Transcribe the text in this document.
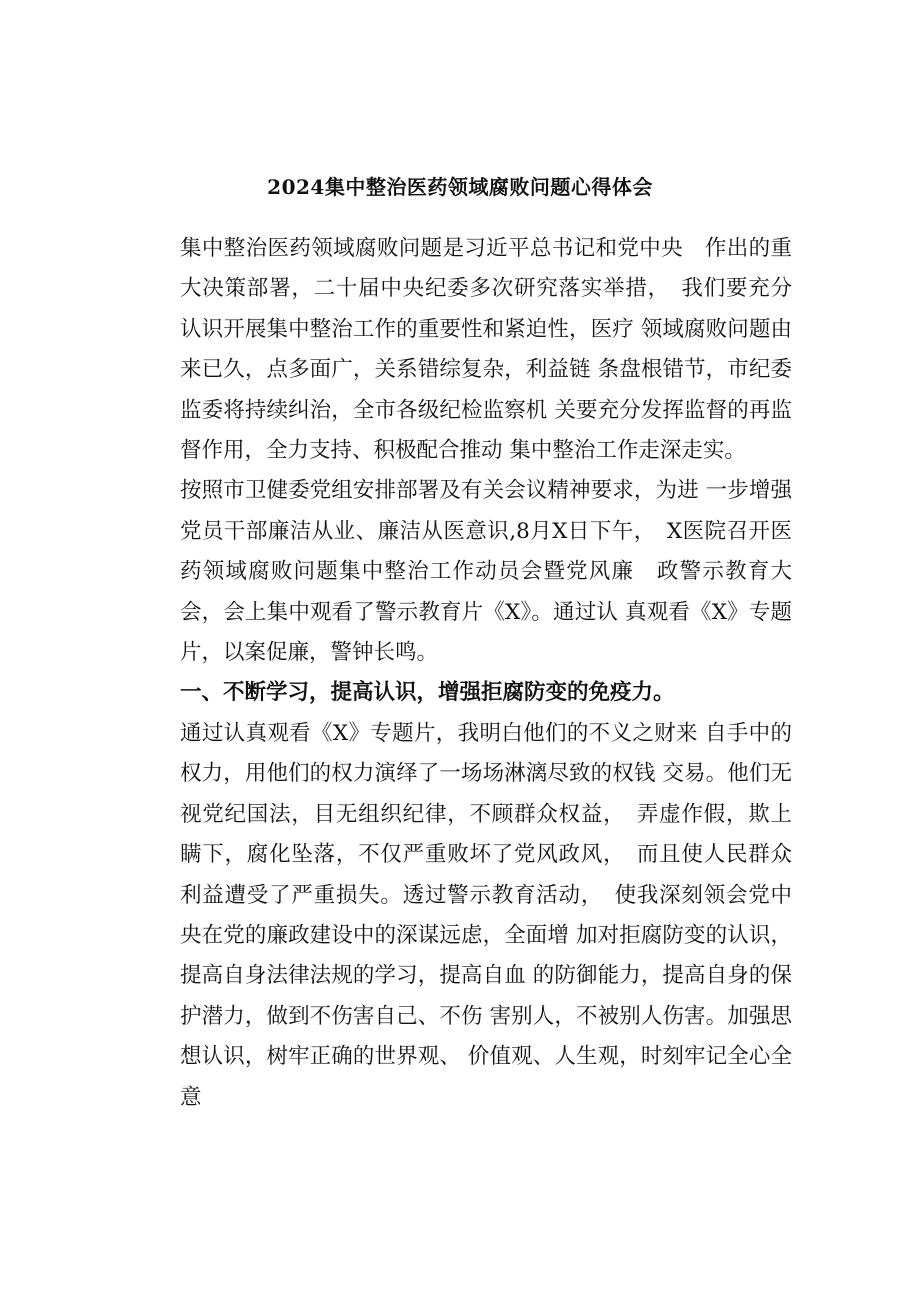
2024集中整治医药领域腐败问题心得体会

集中整治医药领域腐败问题是习近平总书记和党中央　作出的重大决策部署，二十届中央纪委多次研究落实举措，　我们要充分认识开展集中整治工作的重要性和紧迫性，医疗 领域腐败问题由来已久，点多面广，关系错综复杂，利益链 条盘根错节，市纪委监委将持续纠治，全市各级纪检监察机 关要充分发挥监督的再监督作用，全力支持、积极配合推动 集中整治工作走深走实。

按照市卫健委党组安排部署及有关会议精神要求，为进 一步增强党员干部廉洁从业、廉洁从医意识,8月X日下午，　X医院召开医药领域腐败问题集中整治工作动员会暨党风廉　政警示教育大会，会上集中观看了警示教育片《X》。通过认 真观看《X》专题片，以案促廉，警钟长鸣。

一、不断学习，提高认识，增强拒腐防变的免疫力。

通过认真观看《X》专题片，我明白他们的不义之财来 自手中的权力，用他们的权力演绎了一场场淋漓尽致的权钱 交易。他们无视党纪国法，目无组织纪律，不顾群众权益，　弄虚作假，欺上瞒下，腐化坠落，不仅严重败坏了党风政风，　而且使人民群众利益遭受了严重损失。透过警示教育活动，　使我深刻领会党中央在党的廉政建设中的深谋远虑，全面增 加对拒腐防变的认识，提高自身法律法规的学习，提高自血 的防御能力，提高自身的保护潜力，做到不伤害自己、不伤 害别人，不被别人伤害。加强思想认识，树牢正确的世界观、 价值观、人生观，时刻牢记全心全意
